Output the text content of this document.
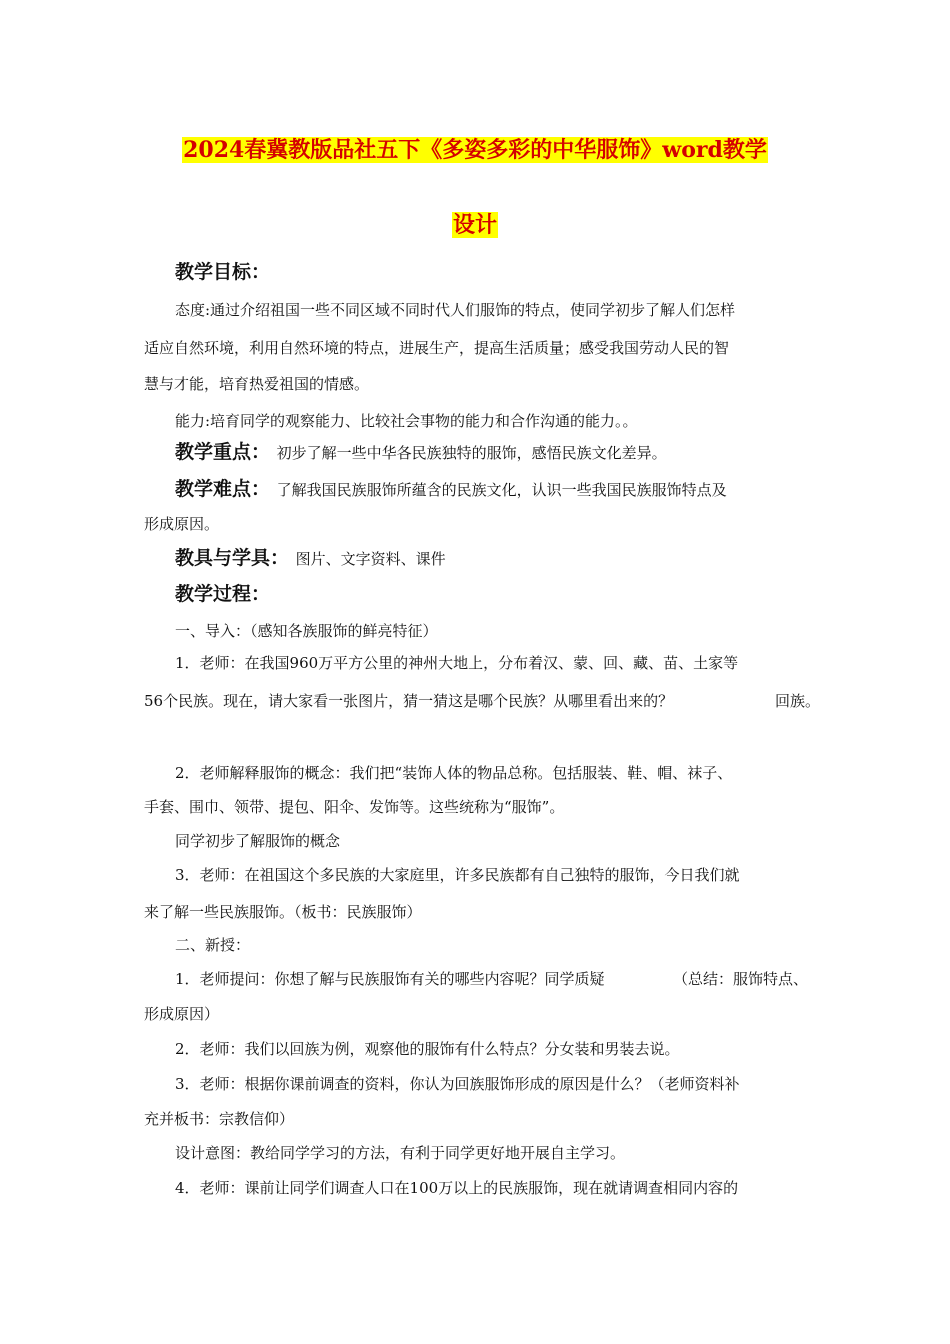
2024春冀教版品社五下《多姿多彩的中华服饰》word教学
设计
教学目标：
态度:通过介绍祖国一些不同区域不同时代人们服饰的特点，使同学初步了解人们怎样
适应自然环境，利用自然环境的特点，进展生产，提高生活质量；感受我国劳动人民的智
慧与才能，培育热爱祖国的情感。
能力:培育同学的观察能力、比较社会事物的能力和合作沟通的能力。。
教学重点： 初步了解一些中华各民族独特的服饰，感悟民族文化差异。
教学难点： 了解我国民族服饰所蕴含的民族文化，认识一些我国民族服饰特点及
形成原因。
教具与学具： 图片、文字资料、课件
教学过程：
一、导入：（感知各族服饰的鲜亮特征）
1．老师：在我国960万平方公里的神州大地上，分布着汉、蒙、回、藏、苗、土家等
56个民族。现在，请大家看一张图片，猜一猜这是哪个民族？从哪里看出来的？	回族。
2．老师解释服饰的概念：我们把“装饰人体的物品总称。包括服装、鞋、帽、袜子、
手套、围巾、领带、提包、阳伞、发饰等。这些统称为“服饰”。
同学初步了解服饰的概念
3．老师：在祖国这个多民族的大家庭里，许多民族都有自己独特的服饰，今日我们就
来了解一些民族服饰。（板书：民族服饰）
二、新授：
1．老师提问：你想了解与民族服饰有关的哪些内容呢？同学质疑	（总结：服饰特点、
形成原因）
2．老师：我们以回族为例，观察他的服饰有什么特点？分女装和男装去说。
3．老师：根据你课前调查的资料，你认为回族服饰形成的原因是什么？（老师资料补
充并板书：宗教信仰）
设计意图：教给同学学习的方法，有利于同学更好地开展自主学习。
4．老师：课前让同学们调查人口在100万以上的民族服饰，现在就请调查相同内容的
